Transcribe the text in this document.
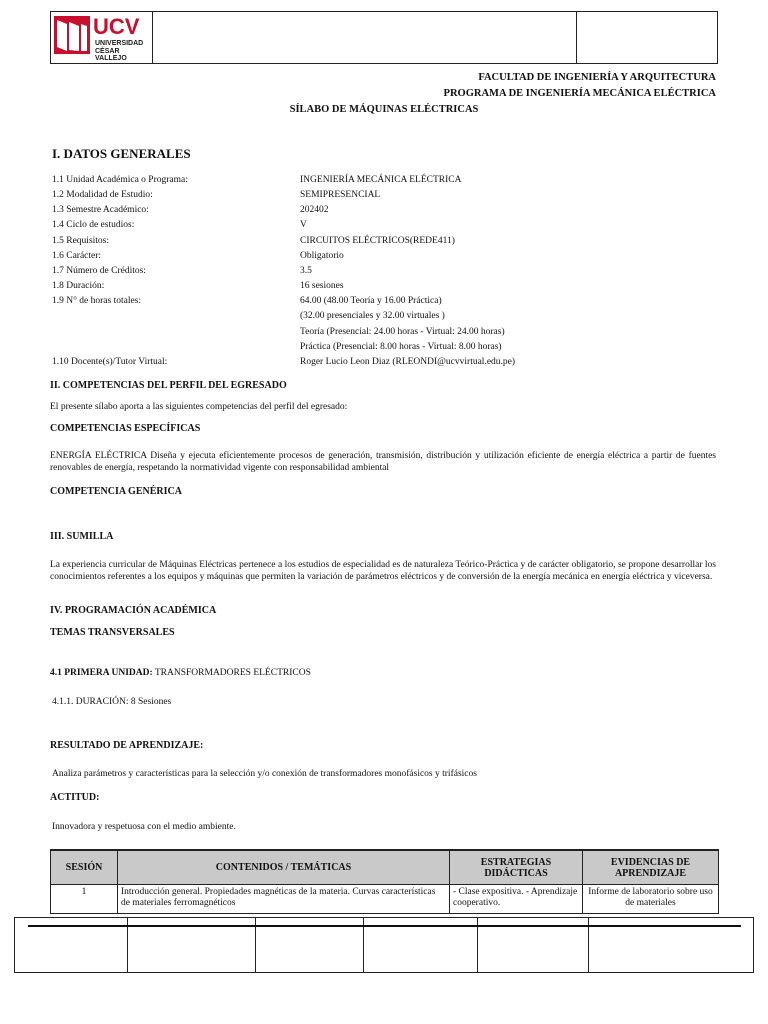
UCV
UNIVERSIDAD
CÉSAR VALLEJO
FACULTAD DE INGENIERÍA Y ARQUITECTURA
PROGRAMA DE INGENIERÍA MECÁNICA ELÉCTRICA
SÍLABO DE MÁQUINAS ELÉCTRICAS
I. DATOS GENERALES
1.1 Unidad Académica o Programa:	INGENIERÍA MECÁNICA ELÉCTRICA
1.2 Modalidad de Estudio:	SEMIPRESENCIAL
1.3 Semestre Académico:	202402
1.4 Ciclo de estudios:	V
1.5 Requisitos:	CIRCUITOS ELÉCTRICOS(REDE411)
1.6 Carácter:	Obligatorio
1.7 Número de Créditos:	3.5
1.8 Duración:	16 sesiones
1.9 N° de horas totales:	64.00 (48.00 Teoría y 16.00 Práctica)
(32.00 presenciales y 32.00 virtuales )
Teoría (Presencial: 24.00 horas - Virtual: 24.00 horas)
Práctica (Presencial: 8.00 horas - Virtual: 8.00 horas)
1.10 Docente(s)/Tutor Virtual:	Roger Lucio Leon Diaz (RLEONDI@ucvvirtual.edu.pe)
II. COMPETENCIAS DEL PERFIL DEL EGRESADO
El presente sílabo aporta a las siguientes competencias del perfil del egresado:
COMPETENCIAS ESPECÍFICAS
ENERGÍA ELÉCTRICA Diseña y ejecuta eficientemente procesos de generación, transmisión, distribución y utilización eficiente de energía eléctrica a partir de fuentes renovables de energía, respetando la normatividad vigente con responsabilidad ambiental
COMPETENCIA GENÉRICA
III. SUMILLA
La experiencia curricular de Máquinas Eléctricas pertenece a los estudios de especialidad es de naturaleza Teórico-Práctica y de carácter obligatorio, se propone desarrollar los conocimientos referentes a los equipos y máquinas que permiten la variación de parámetros eléctricos y de conversión de la energía mecánica en energía eléctrica y viceversa.
IV. PROGRAMACIÓN ACADÉMICA
TEMAS TRANSVERSALES
4.1 PRIMERA UNIDAD: TRANSFORMADORES ELÉCTRICOS
4.1.1. DURACIÓN: 8 Sesiones
RESULTADO DE APRENDIZAJE:
Analiza parámetros y características para la selección y/o conexión de transformadores monofásicos y trifásicos
ACTITUD:
Innovadora y respetuosa con el medio ambiente.
SESIÓN	CONTENIDOS / TEMÁTICAS	ESTRATEGIAS DIDÁCTICAS	EVIDENCIAS DE APRENDIZAJE
1	Introducción general. Propiedades magnéticas de la materia. Curvas características de materiales ferromagnéticos	- Clase expositiva. - Aprendizaje cooperativo.	Informe de laboratorio sobre uso de materiales
